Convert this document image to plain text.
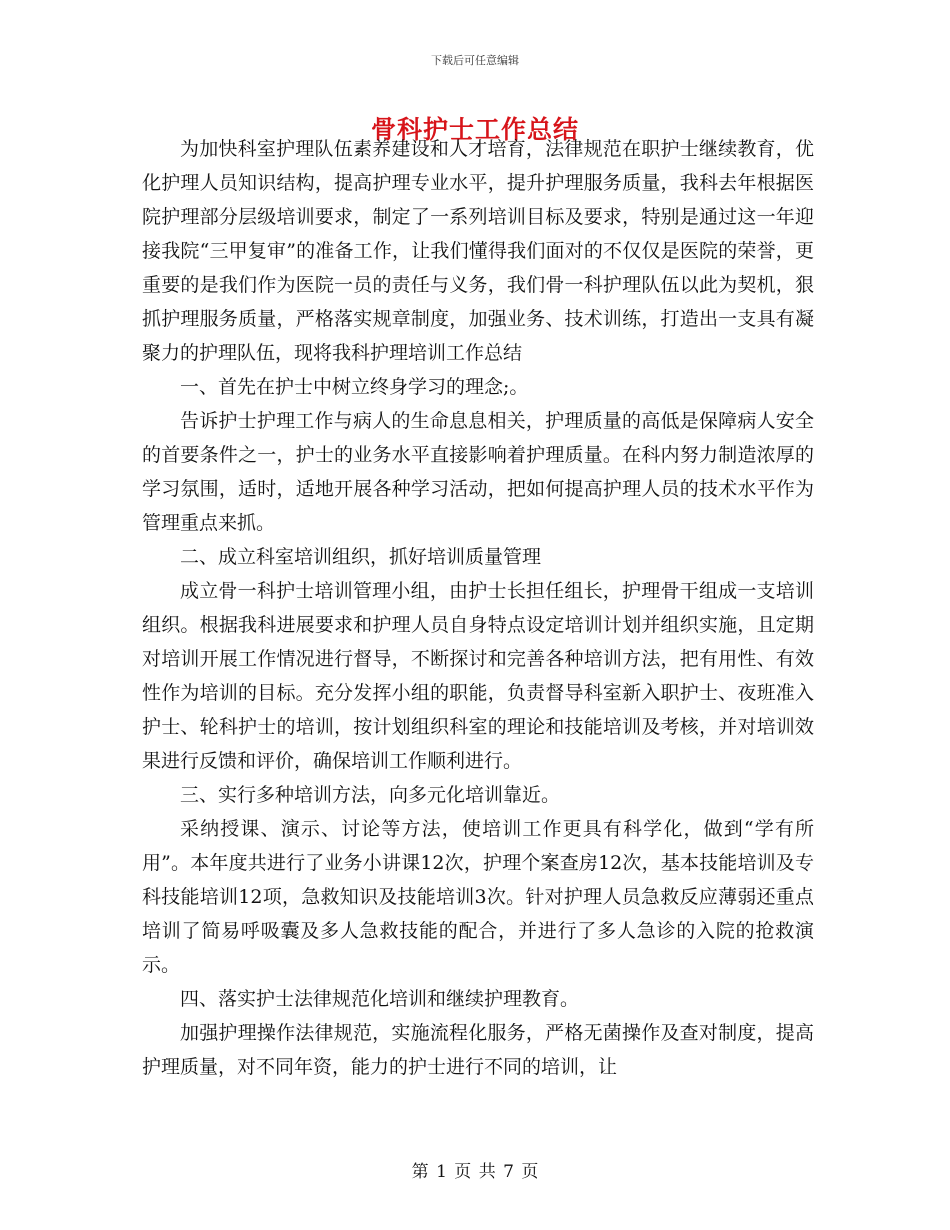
下载后可任意编辑
骨科护士工作总结

为加快科室护理队伍素养建设和人才培育，法律规范在职护士继续教育，优化护理人员知识结构，提高护理专业水平，提升护理服务质量，我科去年根据医院护理部分层级培训要求，制定了一系列培训目标及要求，特别是通过这一年迎接我院“三甲复审”的准备工作，让我们懂得我们面对的不仅仅是医院的荣誉，更重要的是我们作为医院一员的责任与义务，我们骨一科护理队伍以此为契机，狠抓护理服务质量，严格落实规章制度，加强业务、技术训练，打造出一支具有凝聚力的护理队伍，现将我科护理培训工作总结

一、首先在护士中树立终身学习的理念;。

告诉护士护理工作与病人的生命息息相关，护理质量的高低是保障病人安全的首要条件之一，护士的业务水平直接影响着护理质量。在科内努力制造浓厚的学习氛围，适时，适地开展各种学习活动，把如何提高护理人员的技术水平作为管理重点来抓。

二、成立科室培训组织，抓好培训质量管理

成立骨一科护士培训管理小组，由护士长担任组长，护理骨干组成一支培训组织。根据我科进展要求和护理人员自身特点设定培训计划并组织实施，且定期对培训开展工作情况进行督导，不断探讨和完善各种培训方法，把有用性、有效性作为培训的目标。充分发挥小组的职能，负责督导科室新入职护士、夜班准入护士、轮科护士的培训，按计划组织科室的理论和技能培训及考核，并对培训效果进行反馈和评价，确保培训工作顺利进行。

三、实行多种培训方法，向多元化培训靠近。

采纳授课、演示、讨论等方法，使培训工作更具有科学化，做到“学有所用”。本年度共进行了业务小讲课12次，护理个案查房12次，基本技能培训及专科技能培训12项，急救知识及技能培训3次。针对护理人员急救反应薄弱还重点培训了简易呼吸囊及多人急救技能的配合，并进行了多人急诊的入院的抢救演示。

四、落实护士法律规范化培训和继续护理教育。

加强护理操作法律规范，实施流程化服务，严格无菌操作及查对制度，提高护理质量，对不同年资，能力的护士进行不同的培训，让

第 1 页 共 7 页
